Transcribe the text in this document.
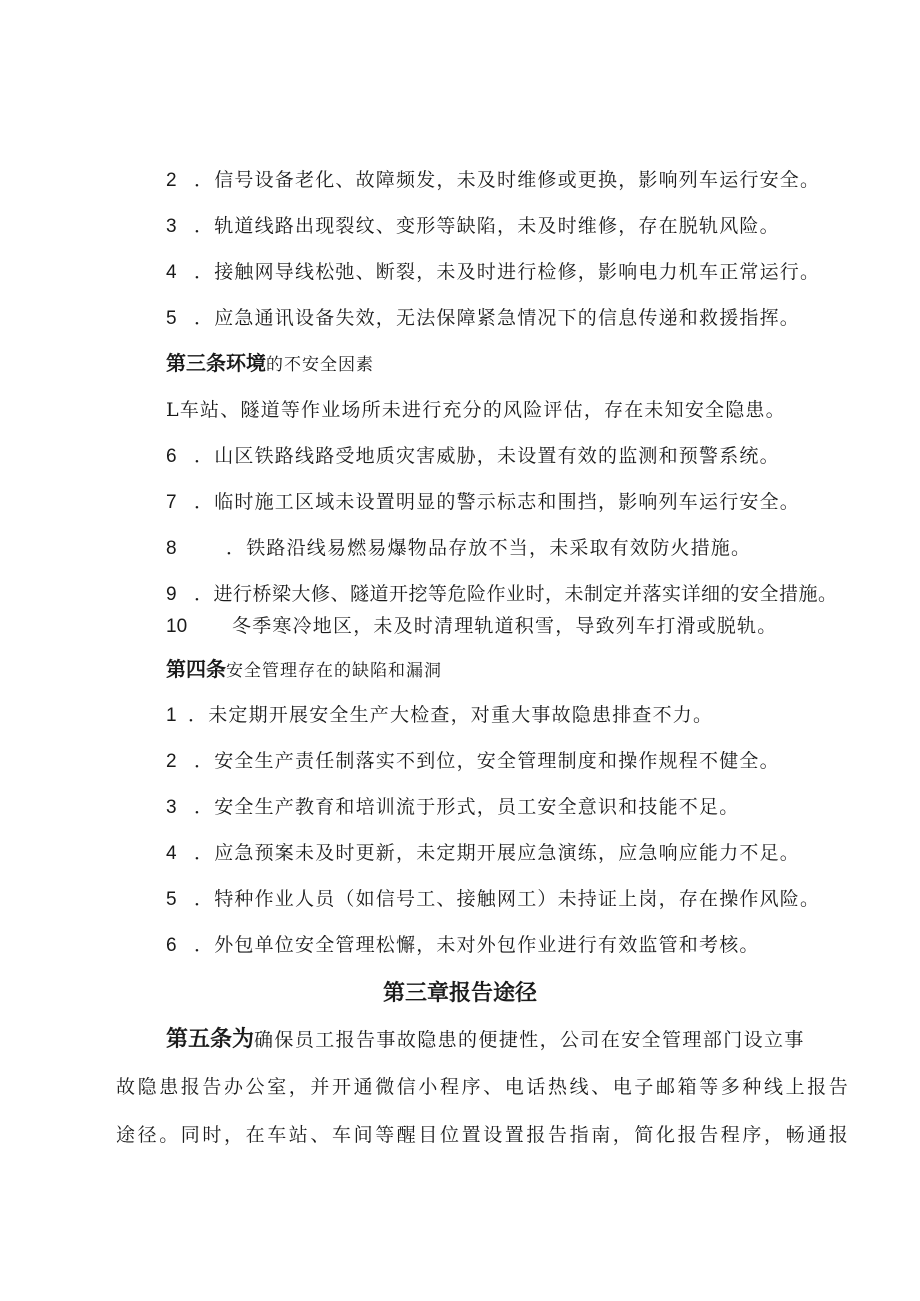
2 ．信号设备老化、故障频发，未及时维修或更换，影响列车运行安全。
3 ．轨道线路出现裂纹、变形等缺陷，未及时维修，存在脱轨风险。
4 ．接触网导线松弛、断裂，未及时进行检修，影响电力机车正常运行。
5 ．应急通讯设备失效，无法保障紧急情况下的信息传递和救援指挥。
第三条环境的不安全因素
L车站、隧道等作业场所未进行充分的风险评估，存在未知安全隐患。
6 ．山区铁路线路受地质灾害威胁，未设置有效的监测和预警系统。
7 ．临时施工区域未设置明显的警示标志和围挡，影响列车运行安全。
8	．铁路沿线易燃易爆物品存放不当，未采取有效防火措施。
9 ．进行桥梁大修、隧道开挖等危险作业时，未制定并落实详细的安全措施。
10 冬季寒冷地区，未及时清理轨道积雪，导致列车打滑或脱轨。
第四条安全管理存在的缺陷和漏洞
1 ．未定期开展安全生产大检查，对重大事故隐患排查不力。
2 ．安全生产责任制落实不到位，安全管理制度和操作规程不健全。
3 ．安全生产教育和培训流于形式，员工安全意识和技能不足。
4 ．应急预案未及时更新，未定期开展应急演练，应急响应能力不足。
5 ．特种作业人员（如信号工、接触网工）未持证上岗，存在操作风险。
6 ．外包单位安全管理松懈，未对外包作业进行有效监管和考核。
第三章报告途径
第五条为确保员工报告事故隐患的便捷性，公司在安全管理部门设立事
故隐患报告办公室，并开通微信小程序、电话热线、电子邮箱等多种线上报告
途径。同时，在车站、车间等醒目位置设置报告指南，简化报告程序，畅通报
